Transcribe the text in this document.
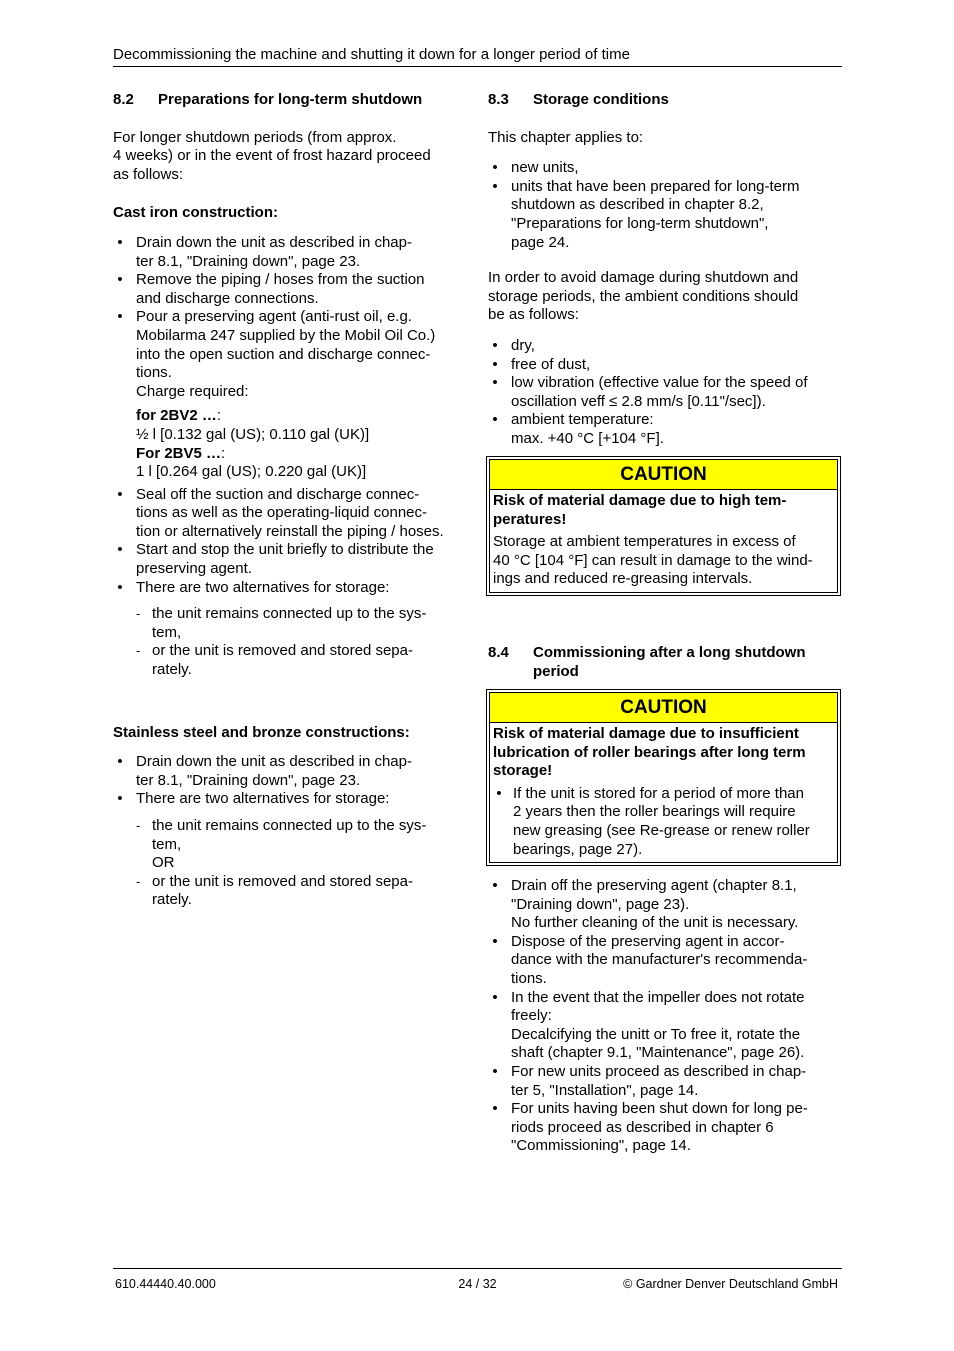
Decommissioning the machine and shutting it down for a longer period of time
8.2 Preparations for long-term shutdown
For longer shutdown periods (from approx.
4 weeks) or in the event of frost hazard proceed
as follows:
Cast iron construction:
• Drain down the unit as described in chap-
ter 8.1, "Draining down", page 23.
• Remove the piping / hoses from the suction
and discharge connections.
• Pour a preserving agent (anti-rust oil, e.g.
Mobilarma 247 supplied by the Mobil Oil Co.)
into the open suction and discharge connec-
tions.
Charge required:
for 2BV2 …:
½ l [0.132 gal (US); 0.110 gal (UK)]
For 2BV5 …:
1 l [0.264 gal (US); 0.220 gal (UK)]
• Seal off the suction and discharge connec-
tions as well as the operating-liquid connec-
tion or alternatively reinstall the piping / hoses.
• Start and stop the unit briefly to distribute the
preserving agent.
• There are two alternatives for storage:
- the unit remains connected up to the sys-
tem,
- or the unit is removed and stored sepa-
rately.
Stainless steel and bronze constructions:
• Drain down the unit as described in chap-
ter 8.1, "Draining down", page 23.
• There are two alternatives for storage:
- the unit remains connected up to the sys-
tem,
OR
- or the unit is removed and stored sepa-
rately.
8.3 Storage conditions
This chapter applies to:
• new units,
• units that have been prepared for long-term
shutdown as described in chapter 8.2,
"Preparations for long-term shutdown",
page 24.
In order to avoid damage during shutdown and
storage periods, the ambient conditions should
be as follows:
• dry,
• free of dust,
• low vibration (effective value for the speed of
oscillation veff ≤ 2.8 mm/s [0.11"/sec]).
• ambient temperature:
max. +40 °C [+104 °F].
CAUTION
Risk of material damage due to high tem-
peratures!
Storage at ambient temperatures in excess of
40 °C [104 °F] can result in damage to the wind-
ings and reduced re-greasing intervals.
8.4	Commissioning after a long shutdown
period
CAUTION
Risk of material damage due to insufficient
lubrication of roller bearings after long term
storage!
• If the unit is stored for a period of more than
2 years then the roller bearings will require
new greasing (see Re-grease or renew roller
bearings, page 27).
• Drain off the preserving agent (chapter 8.1,
"Draining down", page 23).
No further cleaning of the unit is necessary.
• Dispose of the preserving agent in accor-
dance with the manufacturer's recommenda-
tions.
• In the event that the impeller does not rotate
freely:
Decalcifying the unitt or To free it, rotate the
shaft (chapter 9.1, "Maintenance", page 26).
• For new units proceed as described in chap-
ter 5, "Installation", page 14.
• For units having been shut down for long pe-
riods proceed as described in chapter 6
"Commissioning", page 14.
610.44440.40.000	24 / 32	© Gardner Denver Deutschland GmbH
